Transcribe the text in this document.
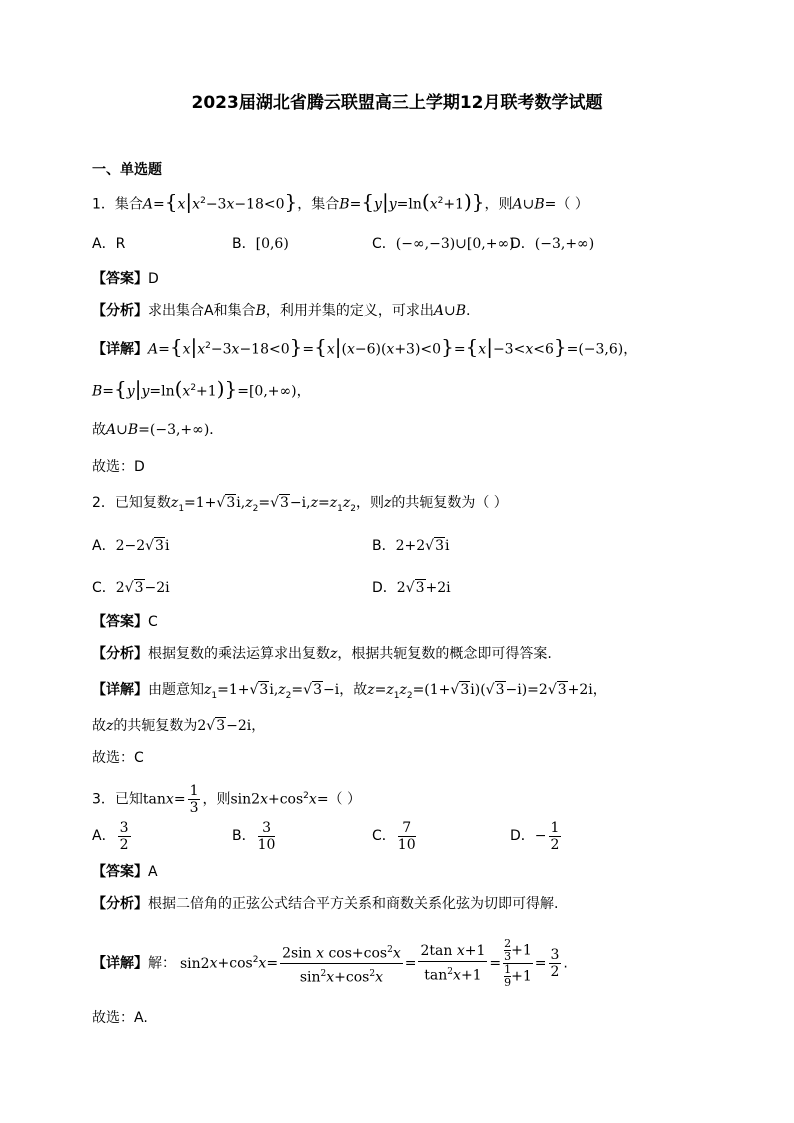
2023届湖北省腾云联盟高三上学期12月联考数学试题
一、单选题
1．集合$A=\{x|x^2-3x-18<0\}$，集合$B=\{y|y=\ln(x^2+1)\}$，则A∪B=（ ）
A．R	B．[0,6)	C．(−∞,−3)∪[0,+∞)
D．(−3,+∞)
【答案】D
【分析】求出集合A和集合B，利用并集的定义，可求出A∪B.
【详解】$A=\{x|x^2-3x-18<0\}=\{x|(x-6)(x+3)<0\}=\{x|-3<x<6\}=(-3,6)$，
$B=\{y|y=\ln(x^2+1)\}=[0,+\infty)$，
故A∪B=(−3,+∞)．
故选：D
2．已知复数$z_1=1+√3i,z_2=√3-i,z=z_1z_2$，则z的共轭复数为（ ）
A．2−2√3i	B．2+2√3i
C．2√3−2i	D．2√3+2i
【答案】C
【分析】根据复数的乘法运算求出复数z，根据共轭复数的概念即可得答案.
【详解】由题意知$z_1=1+√3i,z_2=√3-i$，故$z=z_1z_2=(1+√3i)(√3-i)=2√3+2i$，
故z的共轭复数为2√3−2i，
故选：C
3．已知$\tan x= \frac{1}{3}$ ，则$\sin 2x+\cos^2x=$（ ）
A． $\frac{3}{2}$	B． $\frac{3}{10}$	C． $\frac{7}{10}$	D．− $\frac{1}{2}$
【答案】A
【分析】根据二倍角的正弦公式结合平方关系和商数关系化弦为切即可得解.
【详解】解： $\sin 2x+\cos^2x= \frac{2\sin x \cos+\cos^2x}{\sin^2x+\cos^2x} = \frac{\text{2tan x+1}}{\tan^2x+1} = \frac{\frac{2}{3} +1}{\frac{1}{9} +1} = \frac{3}{2}$ .
故选：A.
